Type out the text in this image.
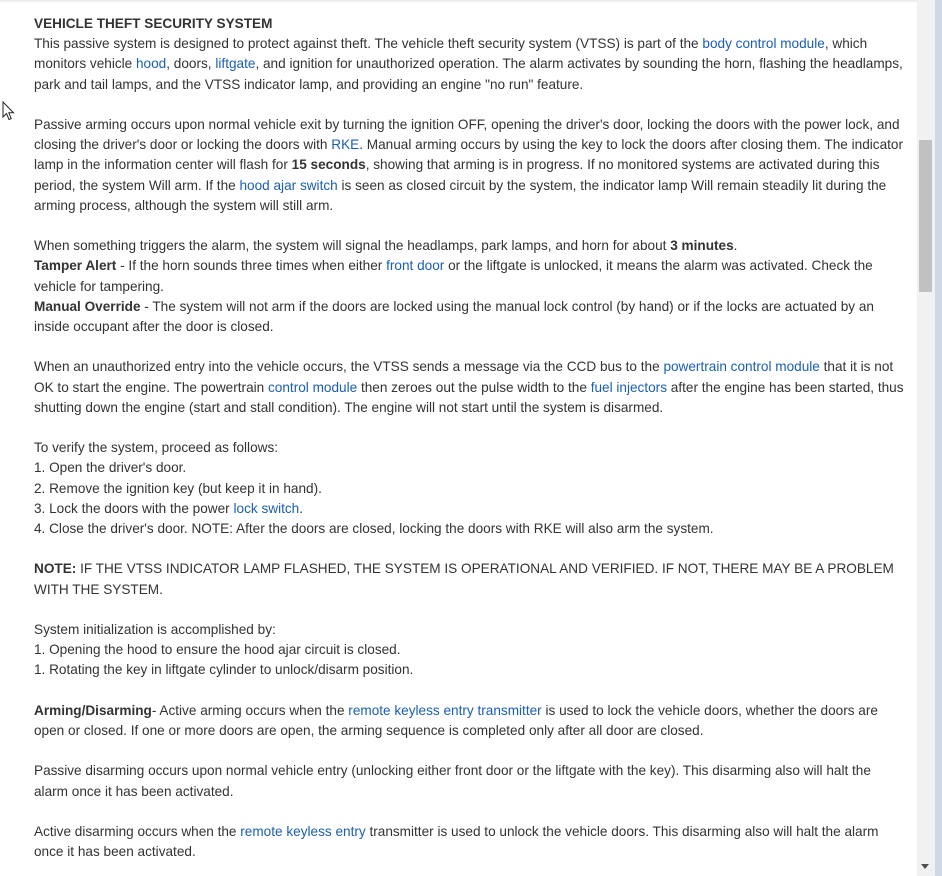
VEHICLE THEFT SECURITY SYSTEM

This passive system is designed to protect against theft. The vehicle theft security system (VTSS) is part of the body control module, which monitors vehicle hood, doors, liftgate, and ignition for unauthorized operation. The alarm activates by sounding the horn, flashing the headlamps, park and tail lamps, and the VTSS indicator lamp, and providing an engine "no run" feature.

Passive arming occurs upon normal vehicle exit by turning the ignition OFF, opening the driver's door, locking the doors with the power lock, and closing the driver's door or locking the doors with RKE. Manual arming occurs by using the key to lock the doors after closing them. The indicator lamp in the information center will flash for 15 seconds, showing that arming is in progress. If no monitored systems are activated during this period, the system Will arm. If the hood ajar switch is seen as closed circuit by the system, the indicator lamp Will remain steadily lit during the arming process, although the system will still arm.

When something triggers the alarm, the system will signal the headlamps, park lamps, and horn for about 3 minutes.

Tamper Alert - If the horn sounds three times when either front door or the liftgate is unlocked, it means the alarm was activated. Check the vehicle for tampering.

Manual Override - The system will not arm if the doors are locked using the manual lock control (by hand) or if the locks are actuated by an inside occupant after the door is closed.

When an unauthorized entry into the vehicle occurs, the VTSS sends a message via the CCD bus to the powertrain control module that it is not OK to start the engine. The powertrain control module then zeroes out the pulse width to the fuel injectors after the engine has been started, thus shutting down the engine (start and stall condition). The engine will not start until the system is disarmed.

To verify the system, proceed as follows:

1. Open the driver's door.

2. Remove the ignition key (but keep it in hand).

3. Lock the doors with the power lock switch.

4. Close the driver's door. NOTE: After the doors are closed, locking the doors with RKE will also arm the system.

NOTE: IF THE VTSS INDICATOR LAMP FLASHED, THE SYSTEM IS OPERATIONAL AND VERIFIED. IF NOT, THERE MAY BE A PROBLEM WITH THE SYSTEM.

System initialization is accomplished by:

1. Opening the hood to ensure the hood ajar circuit is closed.

1. Rotating the key in liftgate cylinder to unlock/disarm position.

Arming/Disarming- Active arming occurs when the remote keyless entry transmitter is used to lock the vehicle doors, whether the doors are open or closed. If one or more doors are open, the arming sequence is completed only after all door are closed.

Passive disarming occurs upon normal vehicle entry (unlocking either front door or the liftgate with the key). This disarming also will halt the alarm once it has been activated.

Active disarming occurs when the remote keyless entry transmitter is used to unlock the vehicle doors. This disarming also will halt the alarm once it has been activated.
